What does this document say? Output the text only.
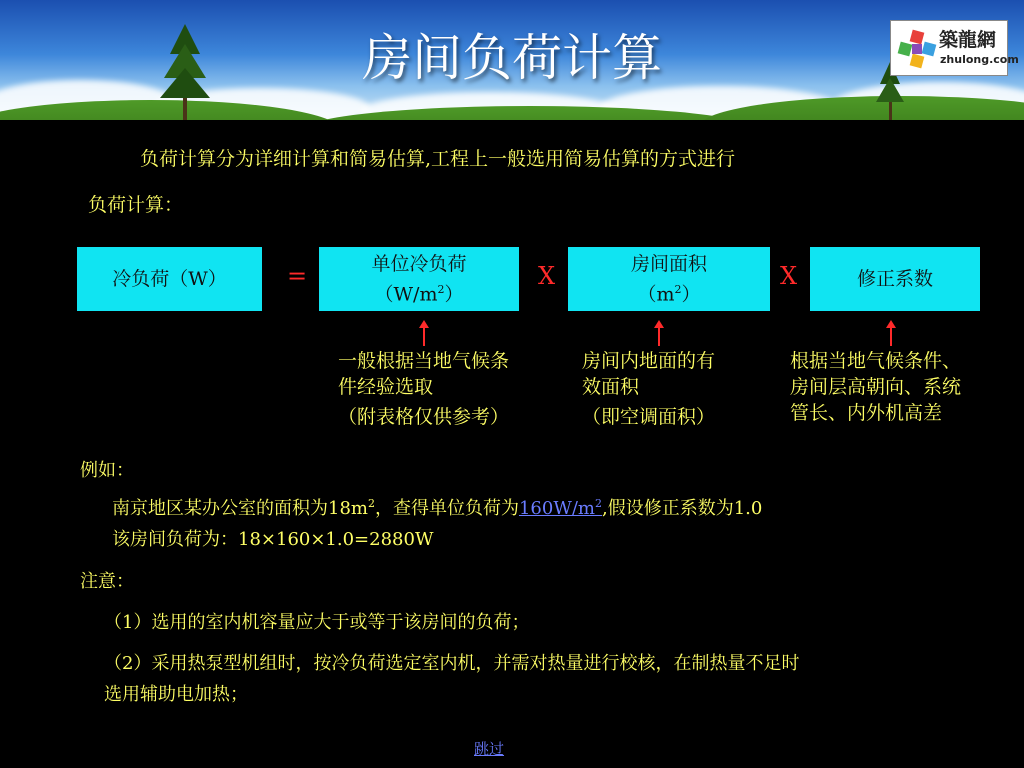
房间负荷计算	築龍網
zhulong.com
负荷计算分为详细计算和简易估算,工程上一般选用简易估算的方式进行
负荷计算：
冷负荷（W）	=	单位冷负荷
$(W/m^2)$
X	房间面积
$(m^2)$
X	修正系数
一般根据当地气候条
件经验选取
（附表格仅供参考）
房间内地面的有
效面积
（即空调面积）
根据当地气候条件、
房间层高朝向、系统
管长、内外机高差
例如：
南京地区某办公室的面积为$18m^2$，查得单位负荷为$160W/m^2$,假设修正系数为1.0
该房间负荷为：18×160×1.0=2880W
注意：
（1）选用的室内机容量应大于或等于该房间的负荷；
（2）采用热泵型机组时，按冷负荷选定室内机，并需对热量进行校核，在制热量不足时
选用辅助电加热；
跳过
